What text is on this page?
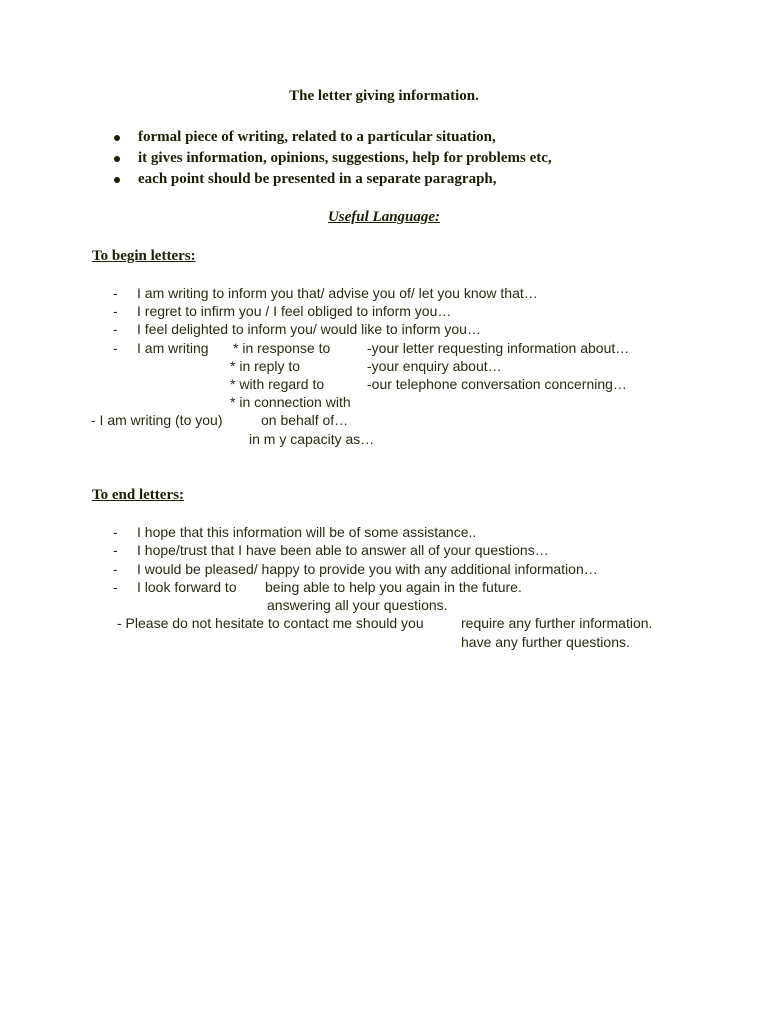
The letter giving information.
formal piece of writing, related to a particular situation,
it gives information, opinions, suggestions, help for problems etc,
each point should be presented in a separate paragraph,
Useful Language:
To begin letters:
- I am writing to inform you that/ advise you of/ let you know that…
- I regret to infirm you / I feel obliged to inform you…
- I feel delighted to inform you/ would like to inform you…
- I am writing * in response to
* in reply to
* with regard to
* in connection with
-your letter requesting information about…
-your enquiry about…
-our telephone conversation concerning…
- I am writing (to you)	on behalf of…
in m y capacity as…
To end letters:
- I hope that this information will be of some assistance..
- I hope/trust that I have been able to answer all of your questions…
- I would be pleased/ happy to provide you with any additional information…
- I look forward to being able to help you again in the future.
answering all your questions.
- Please do not hesitate to contact me should you	require any further information.
have any further questions.
